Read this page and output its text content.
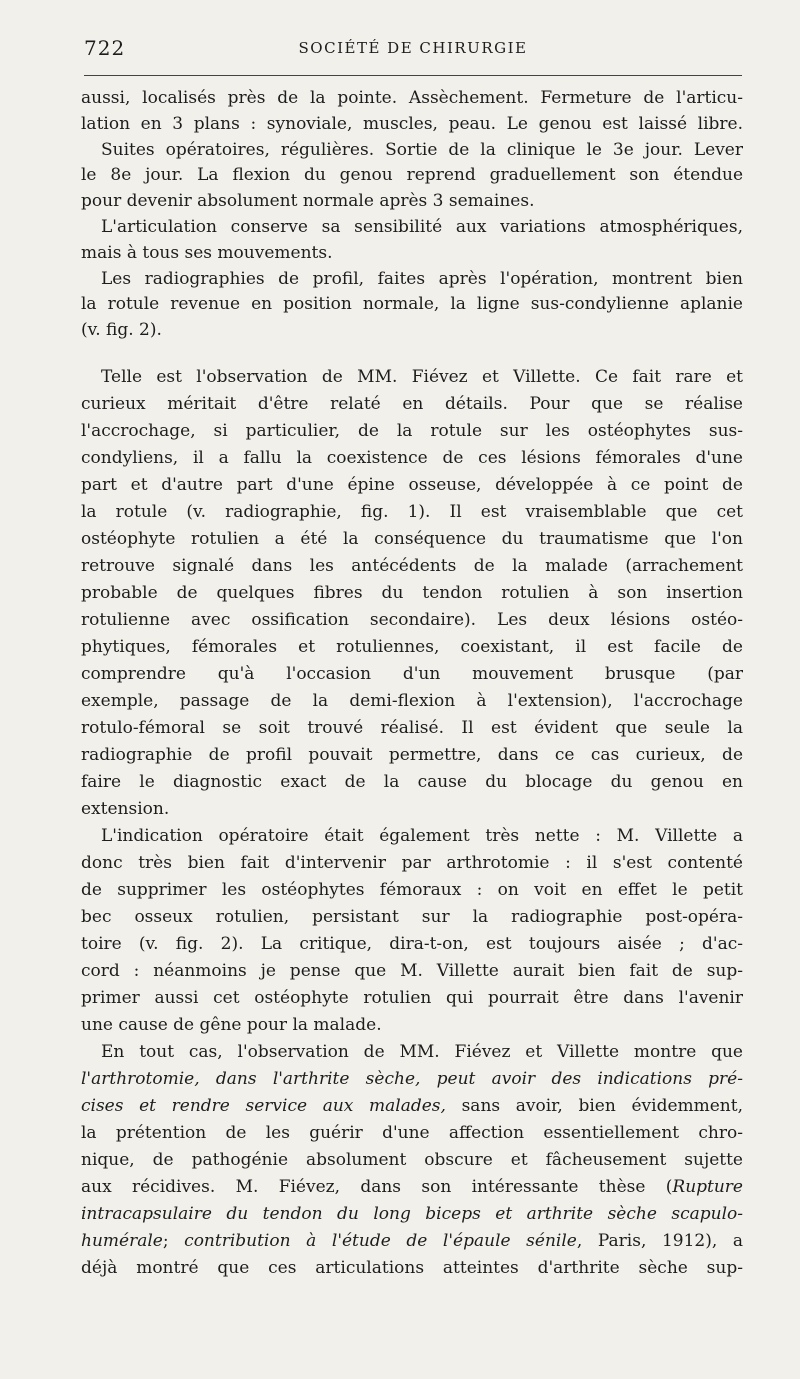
722	SOCIÉTÉ DE CHIRURGIE
aussi, localisés près de la pointe. Assèchement. Fermeture de l'articu-
lation en 3 plans : synoviale, muscles, peau. Le genou est laissé libre.
Suites opératoires, régulières. Sortie de la clinique le 3e jour. Lever
le 8e jour. La flexion du genou reprend graduellement son étendue
pour devenir absolument normale après 3 semaines.
L'articulation conserve sa sensibilité aux variations atmosphériques,
mais à tous ses mouvements.
Les radiographies de profil, faites après l'opération, montrent bien
la rotule revenue en position normale, la ligne sus-condylienne aplanie
(v. fig. 2).
Telle est l'observation de MM. Fiévez et Villette. Ce fait rare et
curieux méritait d'être relaté en détails. Pour que se réalise
l'accrochage, si particulier, de la rotule sur les ostéophytes sus-
condyliens, il a fallu la coexistence de ces lésions fémorales d'une
part et d'autre part d'une épine osseuse, développée à ce point de
la rotule (v. radiographie, fig. 1). Il est vraisemblable que cet
ostéophyte rotulien a été la conséquence du traumatisme que l'on
retrouve signalé dans les antécédents de la malade (arrachement
probable de quelques fibres du tendon rotulien à son insertion
rotulienne avec ossification secondaire). Les deux lésions ostéo-
phytiques, fémorales et rotuliennes, coexistant, il est facile de
comprendre qu'à l'occasion d'un mouvement brusque (par
exemple, passage de la demi-flexion à l'extension), l'accrochage
rotulo-fémoral se soit trouvé réalisé. Il est évident que seule la
radiographie de profil pouvait permettre, dans ce cas curieux, de
faire le diagnostic exact de la cause du blocage du genou en
extension.
L'indication opératoire était également très nette : M. Villette a
donc très bien fait d'intervenir par arthrotomie : il s'est contenté
de supprimer les ostéophytes fémoraux : on voit en effet le petit
bec osseux rotulien, persistant sur la radiographie post-opéra-
toire (v. fig. 2). La critique, dira-t-on, est toujours aisée ; d'ac-
cord : néanmoins je pense que M. Villette aurait bien fait de sup-
primer aussi cet ostéophyte rotulien qui pourrait être dans l'avenir
une cause de gêne pour la malade.
En tout cas, l'observation de MM. Fiévez et Villette montre que
l'arthrotomie, dans l'arthrite sèche, peut avoir des indications pré-
cises et rendre service aux malades, sans avoir, bien évidemment,
la prétention de les guérir d'une affection essentiellement chro-
nique, de pathogénie absolument obscure et fâcheusement sujette
aux récidives. M. Fiévez, dans son intéressante thèse (Rupture
intracapsulaire du tendon du long biceps et arthrite sèche scapulo-
humérale; contribution à l'étude de l'épaule sénile, Paris, 1912), a
déjà montré que ces articulations atteintes d'arthrite sèche sup-
